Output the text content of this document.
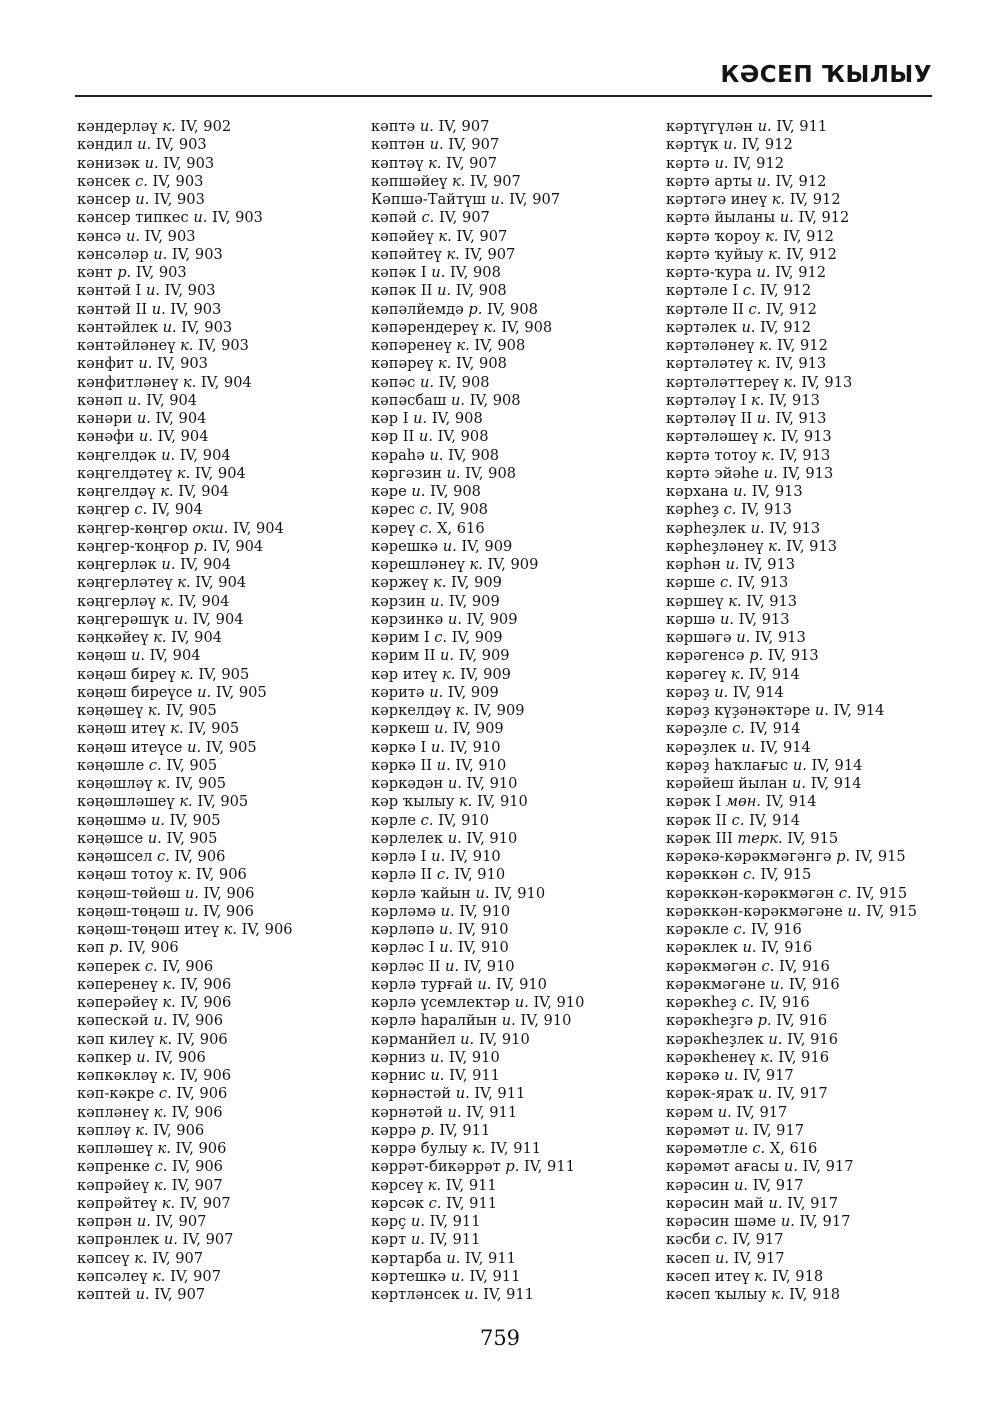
КӘСЕП ҠЫЛЫУ
кәндерләү к. IV, 902
кәндил и. IV, 903
кәнизәк и. IV, 903
кәнсек с. IV, 903
кәнсер и. IV, 903
кәнсер типкес и. IV, 903
кәнсә и. IV, 903
кәнсәләр и. IV, 903
кәнт р. IV, 903
кәнтәй I и. IV, 903
кәнтәй II и. IV, 903
кәнтәйлек и. IV, 903
кәнтәйләнеү к. IV, 903
кәнфит и. IV, 903
кәнфитләнеү к. IV, 904
кәнәп и. IV, 904
кәнәри и. IV, 904
кәнәфи и. IV, 904
кәңгелдәк и. IV, 904
кәңгелдәтеү к. IV, 904
кәңгелдәү к. IV, 904
кәңгер с. IV, 904
кәңгер-көңгөр окш. IV, 904
кәңгер-ҡоңғор р. IV, 904
кәңгерләк и. IV, 904
кәңгерләтеү к. IV, 904
кәңгерләү к. IV, 904
кәңгерәшүк и. IV, 904
кәңкәйеү к. IV, 904
кәңәш и. IV, 904
кәңәш биреү к. IV, 905
кәңәш биреүсе и. IV, 905
кәңәшеү к. IV, 905
кәңәш итеү к. IV, 905
кәңәш итеүсе и. IV, 905
кәңәшле с. IV, 905
кәңәшләү к. IV, 905
кәңәшләшеү к. IV, 905
кәңәшмә и. IV, 905
кәңәшсе и. IV, 905
кәңәшсел с. IV, 906
кәңәш тотоу к. IV, 906
кәңәш-төйөш и. IV, 906
кәңәш-төңәш и. IV, 906
кәңәш-төңәш итеү к. IV, 906
кәп р. IV, 906
кәперек с. IV, 906
кәперенеү к. IV, 906
кәперәйеү к. IV, 906
кәпескәй и. IV, 906
кәп килеү к. IV, 906
кәпкер и. IV, 906
кәпкәкләү к. IV, 906
кәп-кәкре с. IV, 906
кәпләнеү к. IV, 906
кәпләү к. IV, 906
кәпләшеү к. IV, 906
кәпренке с. IV, 906
кәпрәйеү к. IV, 907
кәпрәйтеү к. IV, 907
кәпрән и. IV, 907
кәпрәнлек и. IV, 907
кәпсеү к. IV, 907
кәпсәлеү к. IV, 907
кәптей и. IV, 907
кәптә и. IV, 907
кәптән и. IV, 907
кәптәү к. IV, 907
кәпшәйеү к. IV, 907
Кәпшә-Тайтүш и. IV, 907
кәпәй с. IV, 907
кәпәйеү к. IV, 907
кәпәйтеү к. IV, 907
кәпәк I и. IV, 908
кәпәк II и. IV, 908
кәпәлйемдә р. IV, 908
кәпәрендереү к. IV, 908
кәпәренеү к. IV, 908
кәпәреү к. IV, 908
кәпәс и. IV, 908
кәпәсбаш и. IV, 908
кәр I и. IV, 908
кәр II и. IV, 908
кәраһә и. IV, 908
кәргәзин и. IV, 908
кәре и. IV, 908
кәрес с. IV, 908
кәреү с. X, 616
кәрешкә и. IV, 909
кәрешләнеү к. IV, 909
кәржеү к. IV, 909
кәрзин и. IV, 909
кәрзинкә и. IV, 909
кәрим I с. IV, 909
кәрим II и. IV, 909
кәр итеү к. IV, 909
кәритә и. IV, 909
кәркелдәү к. IV, 909
кәркеш и. IV, 909
кәркә I и. IV, 910
кәркә II и. IV, 910
кәркәдән и. IV, 910
кәр ҡылыу к. IV, 910
кәрле с. IV, 910
кәрлелек и. IV, 910
кәрлә I и. IV, 910
кәрлә II с. IV, 910
кәрлә ҡайын и. IV, 910
кәрләмә и. IV, 910
кәрләпә и. IV, 910
кәрләс I и. IV, 910
кәрләс II и. IV, 910
кәрлә турғай и. IV, 910
кәрлә үсемлектәр и. IV, 910
кәрлә һаралйын и. IV, 910
кәрманйел и. IV, 910
кәрниз и. IV, 910
кәрнис и. IV, 911
кәрнәстәй и. IV, 911
кәрнәтәй и. IV, 911
кәррә р. IV, 911
кәррә булыу к. IV, 911
кәррәт-бикәррәт р. IV, 911
кәрсеү к. IV, 911
кәрсәк с. IV, 911
кәрҫ и. IV, 911
кәрт и. IV, 911
кәртарба и. IV, 911
кәртешкә и. IV, 911
кәртләнсек и. IV, 911
кәртүгүлән и. IV, 911
кәртүк и. IV, 912
кәртә и. IV, 912
кәртә арты и. IV, 912
кәртәгә инеү к. IV, 912
кәртә йыланы и. IV, 912
кәртә ҡороу к. IV, 912
кәртә ҡуйыу к. IV, 912
кәртә-ҡура и. IV, 912
кәртәле I с. IV, 912
кәртәле II с. IV, 912
кәртәлек и. IV, 912
кәртәләнеү к. IV, 912
кәртәләтеү к. IV, 913
кәртәләттереү к. IV, 913
кәртәләү I к. IV, 913
кәртәләү II и. IV, 913
кәртәләшеү к. IV, 913
кәртә тотоу к. IV, 913
кәртә эйәһе и. IV, 913
кәрхана и. IV, 913
кәрһеҙ с. IV, 913
кәрһеҙлек и. IV, 913
кәрһеҙләнеү к. IV, 913
кәрһән и. IV, 913
кәрше с. IV, 913
кәршеү к. IV, 913
кәршә и. IV, 913
кәршәгә и. IV, 913
кәрәгенсә р. IV, 913
кәрәгеү к. IV, 914
кәрәҙ и. IV, 914
кәрәҙ күҙәнәктәре и. IV, 914
кәрәҙле с. IV, 914
кәрәҙлек и. IV, 914
кәрәҙ һаҡлағыс и. IV, 914
кәрәйеш йылан и. IV, 914
кәрәк I мөн. IV, 914
кәрәк II с. IV, 914
кәрәк III терк. IV, 915
кәрәкә-кәрәкмәгәнгә р. IV, 915
кәрәккән с. IV, 915
кәрәккән-кәрәкмәгән с. IV, 915
кәрәккән-кәрәкмәгәне и. IV, 915
кәрәкле с. IV, 916
кәрәклек и. IV, 916
кәрәкмәгән с. IV, 916
кәрәкмәгәне и. IV, 916
кәрәкһеҙ с. IV, 916
кәрәкһеҙгә р. IV, 916
кәрәкһеҙлек и. IV, 916
кәрәкһенеү к. IV, 916
кәрәкә и. IV, 917
кәрәк-яраҡ и. IV, 917
кәрәм и. IV, 917
кәрәмәт и. IV, 917
кәрәмәтле с. X, 616
кәрәмәт ағасы и. IV, 917
кәрәсин и. IV, 917
кәрәсин май и. IV, 917
кәрәсин шәме и. IV, 917
кәсби с. IV, 917
кәсеп и. IV, 917
кәсеп итеү к. IV, 918
кәсеп ҡылыу к. IV, 918
759
